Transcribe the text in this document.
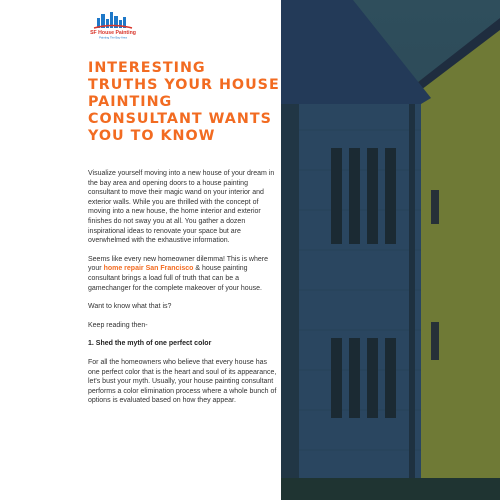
SF House Painting
Painting The Bay Area
INTERESTING TRUTHS YOUR HOUSE PAINTING CONSULTANT WANTS YOU TO KNOW

Visualize yourself moving into a new house of your dream in the bay area and opening doors to a house painting consultant to move their magic wand on your interior and exterior walls. While you are thrilled with the concept of moving into a new house, the home interior and exterior finishes do not sway you at all. You gather a dozen inspirational ideas to renovate your space but are overwhelmed with the exhaustive information.

Seems like every new homeowner dilemma! This is where your home repair San Francisco & house painting consultant brings a load full of truth that can be a gamechanger for the complete makeover of your house.

Want to know what that is?

Keep reading then-

1. Shed the myth of one perfect color

For all the homeowners who believe that every house has one perfect color that is the heart and soul of its appearance, let's bust your myth. Usually, your house painting consultant performs a color elimination process where a whole bunch of options is evaluated based on how they appear.
